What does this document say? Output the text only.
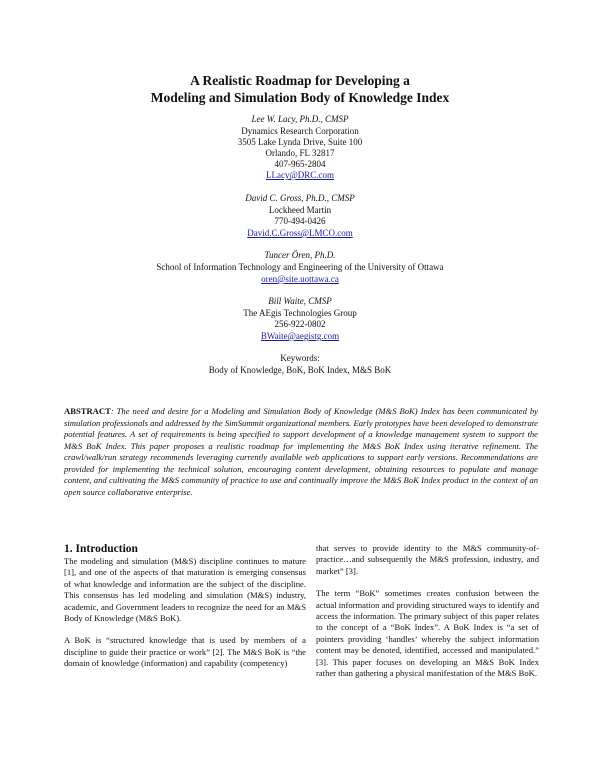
A Realistic Roadmap for Developing a
Modeling and Simulation Body of Knowledge Index
Lee W. Lacy, Ph.D., CMSP
Dynamics Research Corporation
3505 Lake Lynda Drive, Suite 100
Orlando, FL 32817
407-965-2804
LLacy@DRC.com
David C. Gross, Ph.D., CMSP
Lockheed Martin
770-494-0426
David.C.Gross@LMCO.com
Tuncer Ören, Ph.D.
School of Information Technology and Engineering of the University of Ottawa
oren@site.uottawa.ca
Bill Waite, CMSP
The AEgis Technologies Group
256-922-0802
BWaite@aegistg.com
Keywords:
Body of Knowledge, BoK, BoK Index, M&S BoK
ABSTRACT: The need and desire for a Modeling and Simulation Body of Knowledge (M&S BoK) Index has been communicated by simulation professionals and addressed by the SimSummit organizational members. Early prototypes have been developed to demonstrate potential features. A set of requirements is being specified to support development of a knowledge management system to support the M&S BoK Index. This paper proposes a realistic roadmap for implementing the M&S BoK Index using iterative refinement. The crawl/walk/run strategy recommends leveraging currently available web applications to support early versions. Recommendations are provided for implementing the technical solution, encouraging content development, obtaining resources to populate and manage content, and cultivating the M&S community of practice to use and continually improve the M&S BoK Index product in the context of an open source collaborative enterprise.
1. Introduction

The modeling and simulation (M&S) discipline continues to mature [1], and one of the aspects of that maturation is emerging consensus of what knowledge and information are the subject of the discipline. This consensus has led modeling and simulation (M&S) industry, academic, and Government leaders to recognize the need for an M&S Body of Knowledge (M&S BoK).

A BoK is “structured knowledge that is used by members of a discipline to guide their practice or work” [2]. The M&S BoK is “the domain of knowledge (information) and capability (competency)

that serves to provide identity to the M&S community-of-practice…and subsequently the M&S profession, industry, and market” [3].

The term “BoK” sometimes creates confusion between the actual information and providing structured ways to identify and access the information. The primary subject of this paper relates to the concept of a “BoK Index”. A BoK Index is “a set of pointers providing ‘handles’ whereby the subject information content may be denoted, identified, accessed and manipulated.” [3]. This paper focuses on developing an M&S BoK Index rather than gathering a physical manifestation of the M&S BoK.
